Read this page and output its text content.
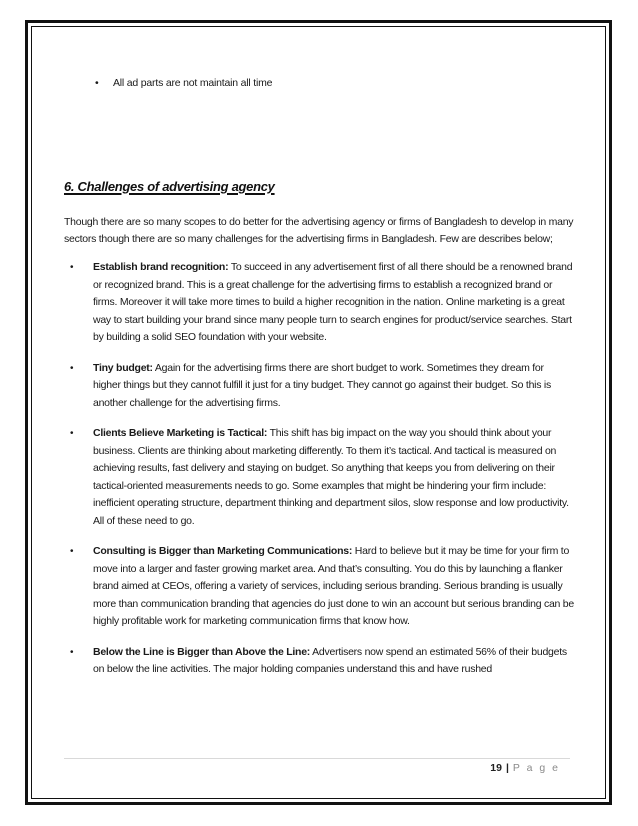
• All ad parts are not maintain all time
6. Challenges of advertising agency
Though there are so many scopes to do better for the advertising agency or firms of Bangladesh to develop in many sectors though there are so many challenges for the advertising firms in Bangladesh. Few are describes below;
• Establish brand recognition: To succeed in any advertisement first of all there should be a renowned brand or recognized brand. This is a great challenge for the advertising firms to establish a recognized brand or firms. Moreover it will take more times to build a higher recognition in the nation. Online marketing is a great way to start building your brand since many people turn to search engines for product/service searches. Start by building a solid SEO foundation with your website.
• Tiny budget: Again for the advertising firms there are short budget to work. Sometimes they dream for higher things but they cannot fulfill it just for a tiny budget. They cannot go against their budget. So this is another challenge for the advertising firms.
• Clients Believe Marketing is Tactical: This shift has big impact on the way you should think about your business. Clients are thinking about marketing differently. To them it’s tactical. And tactical is measured on achieving results, fast delivery and staying on budget. So anything that keeps you from delivering on their tactical-oriented measurements needs to go. Some examples that might be hindering your firm include: inefficient operating structure, department thinking and department silos, slow response and low productivity. All of these need to go.
• Consulting is Bigger than Marketing Communications: Hard to believe but it may be time for your firm to move into a larger and faster growing market area. And that’s consulting. You do this by launching a flanker brand aimed at CEOs, offering a variety of services, including serious branding. Serious branding is usually more than communication branding that agencies do just done to win an account but serious branding can be highly profitable work for marketing communication firms that know how.
• Below the Line is Bigger than Above the Line: Advertisers now spend an estimated 56% of their budgets on below the line activities. The major holding companies understand this and have rushed
19 | P a g e
